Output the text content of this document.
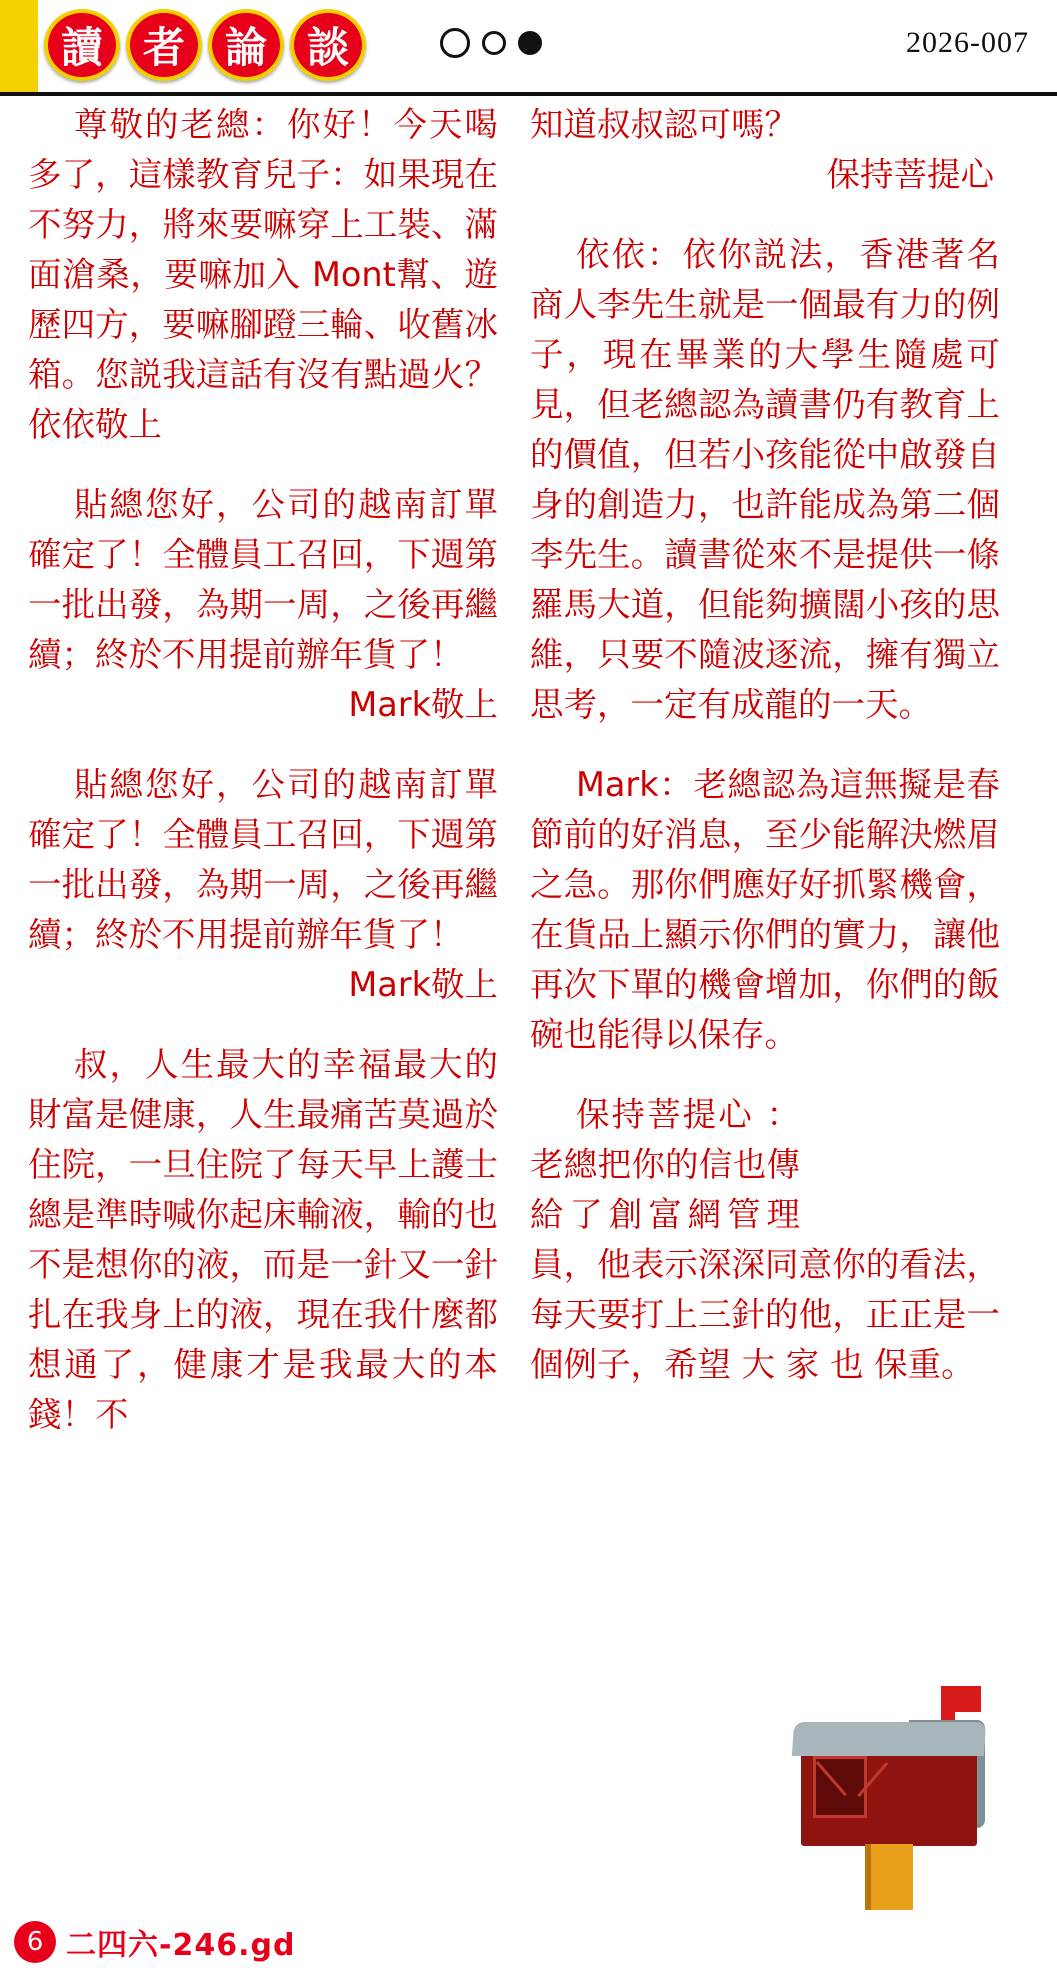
讀 者 論 談	2026-007

尊敬的老總：你好！今天喝多了，這樣教育兒子：如果現在不努力，將來要嘛穿上工裝、滿面滄桑，要嘛加入 Mont幫、遊歷四方，要嘛腳蹬三輪、收舊冰箱。您説我這話有沒有點過火？依依敬上

貼總您好，公司的越南訂單確定了！全體員工召回，下週第一批出發，為期一周，之後再繼續；終於不用提前辦年貨了！

Mark敬上

貼總您好，公司的越南訂單確定了！全體員工召回，下週第一批出發，為期一周，之後再繼續；終於不用提前辦年貨了！

Mark敬上

叔，人生最大的幸福最大的財富是健康，人生最痛苦莫過於住院，一旦住院了每天早上護士總是準時喊你起床輸液，輸的也不是想你的液，而是一針又一針扎在我身上的液，現在我什麼都想通了，健康才是我最大的本錢！不

知道叔叔認可嗎？

保持菩提心

依依：依你説法，香港著名商人李先生就是一個最有力的例子，現在畢業的大學生隨處可見，但老總認為讀書仍有教育上的價值，但若小孩能從中啟發自身的創造力，也許能成為第二個李先生。讀書從來不是提供一條羅馬大道，但能夠擴闊小孩的思維，只要不隨波逐流，擁有獨立思考，一定有成龍的一天。

Mark：老總認為這無擬是春節前的好消息，至少能解決燃眉之急。那你們應好好抓緊機會，在貨品上顯示你們的實力，讓他再次下單的機會增加，你們的飯碗也能得以保存。

保持菩提心 ：老總把你的信也傳給了創富網管理員，他表示深深同意你的看法，每天要打上三針的他，正正是一個例子，希望 大 家 也 保重。

6 二四六-246.gd
